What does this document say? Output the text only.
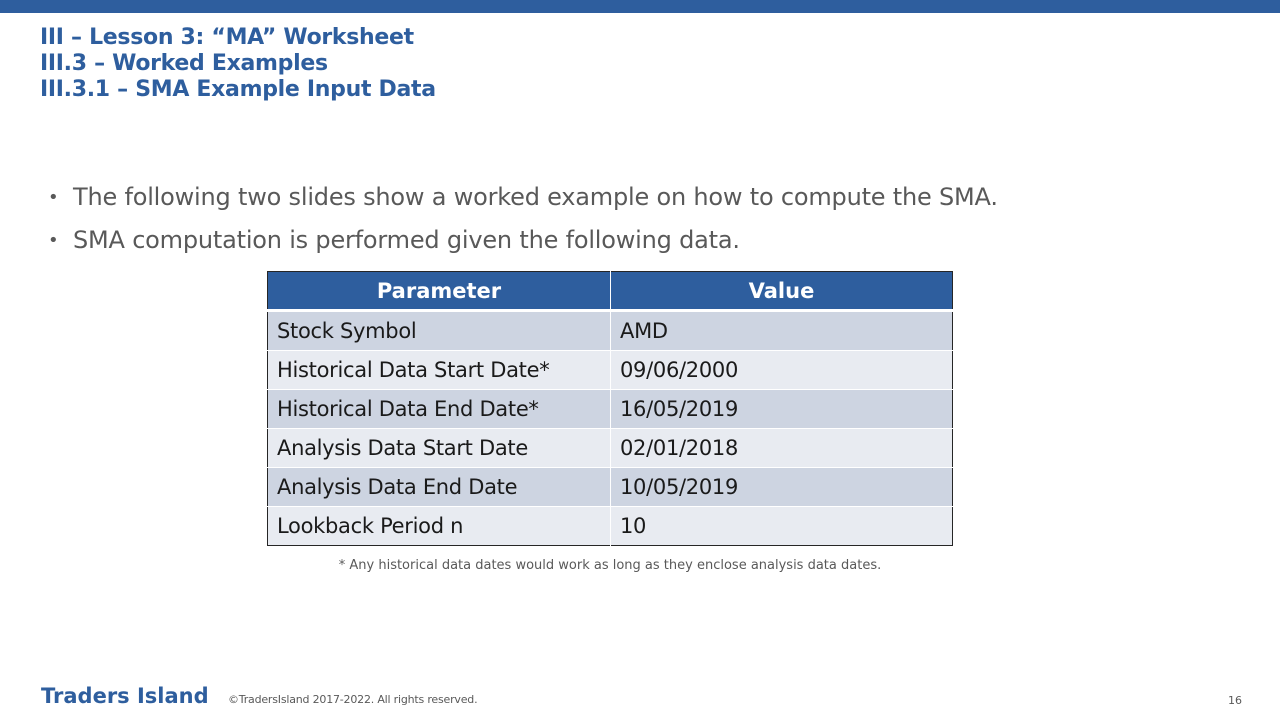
III – Lesson 3: “MA” Worksheet
III.3 – Worked Examples
III.3.1 – SMA Example Input Data
• The following two slides show a worked example on how to compute the SMA.
• SMA computation is performed given the following data.
Parameter	Value
Stock Symbol	AMD
Historical Data Start Date*	09/06/2000
Historical Data End Date*	16/05/2019
Analysis Data Start Date	02/01/2018
Analysis Data End Date	10/05/2019
Lookback Period n	10
* Any historical data dates would work as long as they enclose analysis data dates.
Traders Island ©TradersIsland 2017-2022. All rights reserved.	16
